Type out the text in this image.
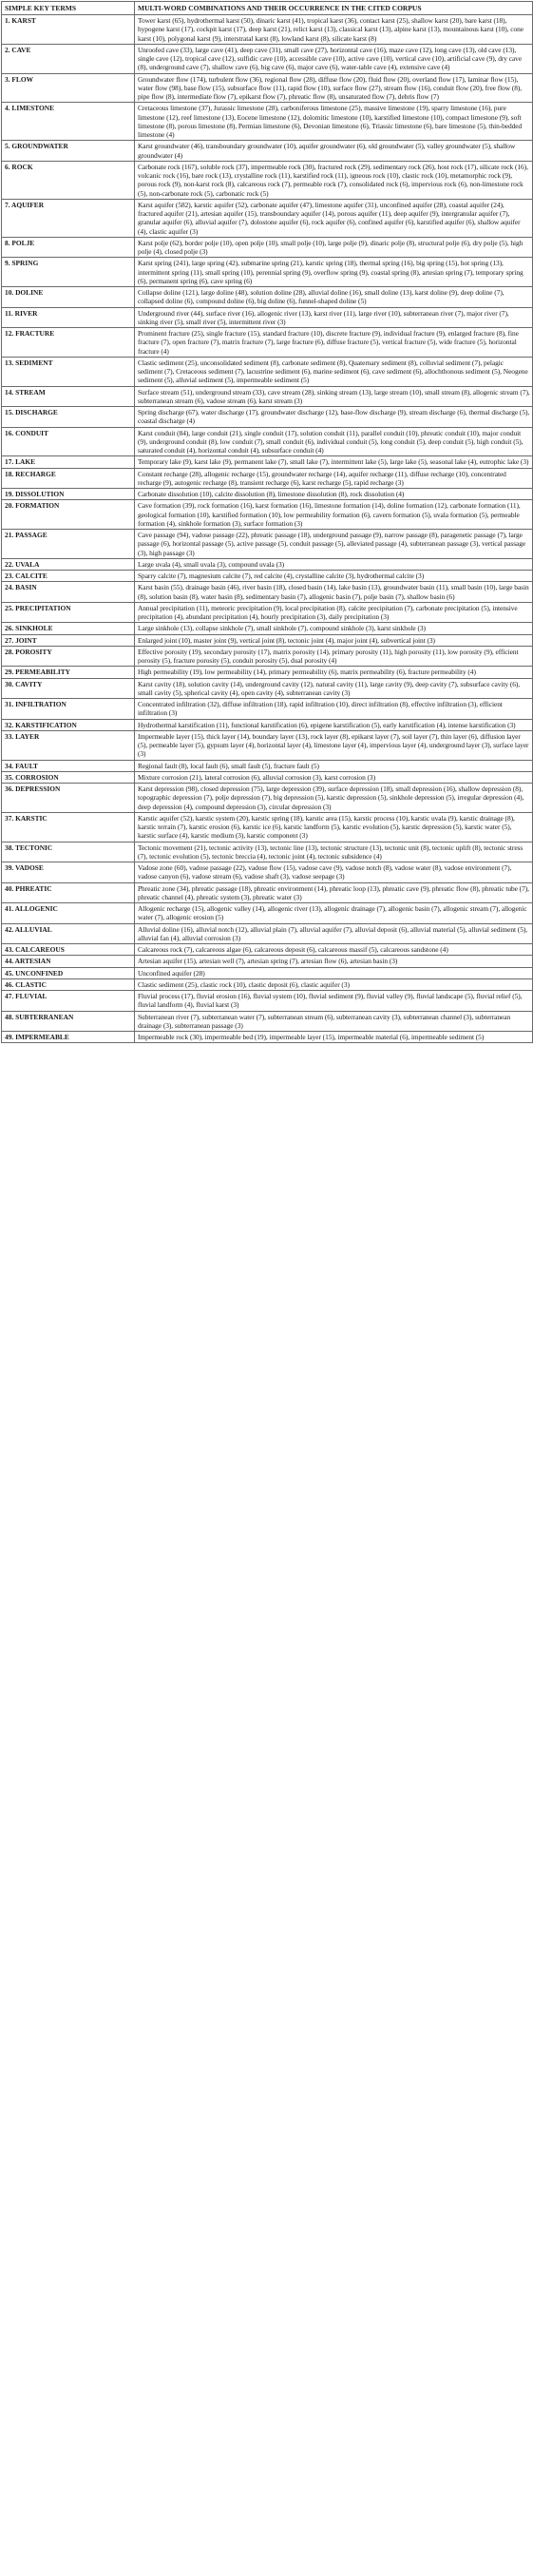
SIMPLE KEY TERMS	MULTI-WORD COMBINATIONS AND THEIR OCCURRENCE IN THE CITED CORPUS
1. KARST	Tower karst (65), hydrothermal karst (50), dinaric karst (41), tropical karst (36), contact karst (25), shallow karst (20), bare karst (18), hypogene karst (17), cockpit karst (17), deep karst (21), relict karst (13), classical karst (13), alpine karst (13), mountainous karst (10), cone karst (10), polygonal karst (9), interstratal karst (8), lowland karst (8), silicate karst (8)
2. CAVE	Unroofed cave (33), large cave (41), deep cave (31), small cave (27), horizontal cave (16), maze cave (12), long cave (13), old cave (13), single cave (12), tropical cave (12), sulfidic cave (10), accessible cave (10), active cave (10), vertical cave (10), artificial cave (9), dry cave (8), underground cave (7), shallow cave (6), big cave (6), major cave (6), water-table cave (4), extensive cave (4)
3. FLOW	Groundwater flow (174), turbulent flow (36), regional flow (28), diffuse flow (20), fluid flow (20), overland flow (17), laminar flow (15), water flow (98), base flow (15), subsurface flow (11), rapid flow (10), surface flow (27), stream flow (16), conduit flow (20), free flow (8), pipe flow (8), intermediate flow (7), epikarst flow (7), phreatic flow (8), unsaturated flow (7), debris flow (7)
4. LIMESTONE	Cretaceous limestone (37), Jurassic limestone (28), carboniferous limestone (25), massive limestone (19), sparry limestone (16), pure limestone (12), reef limestone (13), Eocene limestone (12), dolomitic limestone (10), karstified limestone (10), compact limestone (9), soft limestone (8), porous limestone (8), Permian limestone (6), Devonian limestone (6), Triassic limestone (6), bare limestone (5), thin-bedded limestone (4)
5. GROUNDWATER	Karst groundwater (46), transboundary groundwater (10), aquifer groundwater (6), old groundwater (5), valley groundwater (5), shallow groundwater (4)
6. ROCK	Carbonate rock (167), soluble rock (37), impermeable rock (30), fractured rock (29), sedimentary rock (26), host rock (17), silicate rock (16), volcanic rock (16), bare rock (13), crystalline rock (11), karstified rock (11), igneous rock (10), clastic rock (10), metamorphic rock (9), porous rock (9), non-karst rock (8), calcareous rock (7), permeable rock (7), consolidated rock (6), impervious rock (6), non-limestone rock (5), non-carbonate rock (5), carbonatic rock (5)
7. AQUIFER	Karst aquifer (582), karstic aquifer (52), carbonate aquifer (47), limestone aquifer (31), unconfined aquifer (28), coastal aquifer (24), fractured aquifer (21), artesian aquifer (15), transboundary aquifer (14), porous aquifer (11), deep aquifer (9), intergranular aquifer (7), granular aquifer (6), alluvial aquifer (7), dolostone aquifer (6), rock aquifer (6), confined aquifer (6), karstified aquifer (6), shallow aquifer (4), clastic aquifer (3)
8. POLJE	Karst polje (62), border polje (10), open polje (10), small polje (10), large polje (9), dinaric polje (8), structural polje (6), dry polje (5), high polje (4), closed polje (3)
9. SPRING	Karst spring (241), large spring (42), submarine spring (21), karstic spring (18), thermal spring (16), big spring (15), hot spring (13), intermittent spring (11), small spring (10), perennial spring (9), overflow spring (9), coastal spring (8), artesian spring (7), temporary spring (6), permanent spring (6), cave spring (6)
10. DOLINE	Collapse doline (121), large doline (48), solution doline (28), alluvial doline (16), small doline (13), karst doline (9), deep doline (7), collapsed doline (6), compound doline (6), big doline (6), funnel-shaped doline (5)
11. RIVER	Underground river (44), surface river (16), allogenic river (13), karst river (11), large river (10), subterranean river (7), major river (7), sinking river (5), small river (5), intermittent river (3)
12. FRACTURE	Prominent fracture (25), single fracture (15), standard fracture (10), discrete fracture (9), individual fracture (9), enlarged fracture (8), fine fracture (7), open fracture (7), matrix fracture (7), large fracture (6), diffuse fracture (5), vertical fracture (5), wide fracture (5), horizontal fracture (4)
13. SEDIMENT	Clastic sediment (25), unconsolidated sediment (8), carbonate sediment (8), Quaternary sediment (8), colluvial sediment (7), pelagic sediment (7), Cretaceous sediment (7), lacustrine sediment (6), marine sediment (6), cave sediment (6), allochthonous sediment (5), Neogene sediment (5), alluvial sediment (5), impermeable sediment (5)
14. STREAM	Surface stream (51), underground stream (33), cave stream (28), sinking stream (13), large stream (10), small stream (8), allogenic stream (7), subterranean stream (6), vadose stream (6), karst stream (3)
15. DISCHARGE	Spring discharge (67), water discharge (17), groundwater discharge (12), base-flow discharge (9), stream discharge (6), thermal discharge (5), coastal discharge (4)
16. CONDUIT	Karst conduit (84), large conduit (21), single conduit (17), solution conduit (11), parallel conduit (10), phreatic conduit (10), major conduit (9), underground conduit (8), low conduit (7), small conduit (6), individual conduit (5), long conduit (5), deep conduit (5), high conduit (5), saturated conduit (4), horizontal conduit (4), subsurface conduit (4)
17. LAKE	Temporary lake (9), karst lake (9), permanent lake (7), small lake (7), intermittent lake (5), large lake (5), seasonal lake (4), eutrophic lake (3)
18. RECHARGE	Constant recharge (28), allogenic recharge (15), groundwater recharge (14), aquifer recharge (11), diffuse recharge (10), concentrated recharge (9), autogenic recharge (8), transient recharge (6), karst recharge (5), rapid recharge (3)
19. DISSOLUTION	Carbonate dissolution (10), calcite dissolution (8), limestone dissolution (8), rock dissolution (4)
20. FORMATION	Cave formation (39), rock formation (16), karst formation (16), limestone formation (14), doline formation (12), carbonate formation (11), geological formation (10), karstified formation (10), low permeability formation (6), cavern formation (5), uvala formation (5), permeable formation (4), sinkhole formation (3), surface formation (3)
21. PASSAGE	Cave passage (94), vadose passage (22), phreatic passage (18), underground passage (9), narrow passage (8), paragenetic passage (7), large passage (6), horizontal passage (5), active passage (5), conduit passage (5), alleviated passage (4), subterranean passage (3), vertical passage (3), high passage (3)
22. UVALA	Large uvala (4), small uvala (3), compound uvala (3)
23. CALCITE	Sparry calcite (7), magnesium calcite (7), red calcite (4), crystalline calcite (3), hydrothermal calcite (3)
24. BASIN	Karst basin (55), drainage basin (46), river basin (18), closed basin (14), lake basin (13), groundwater basin (11), small basin (10), large basin (8), solution basin (8), water basin (8), sedimentary basin (7), allogenic basin (7), polje basin (7), shallow basin (6)
25. PRECIPITATION	Annual precipitation (11), meteoric precipitation (9), local precipitation (8), calcite precipitation (7), carbonate precipitation (5), intensive precipitation (4), abundant precipitation (4), hourly precipitation (3), daily precipitation (3)
26. SINKHOLE	Large sinkhole (13), collapse sinkhole (7), small sinkhole (7), compound sinkhole (3), karst sinkhole (3)
27. JOINT	Enlarged joint (10), master joint (9), vertical joint (8), tectonic joint (4), major joint (4), subvertical joint (3)
28. POROSITY	Effective porosity (19), secondary porosity (17), matrix porosity (14), primary porosity (11), high porosity (11), low porosity (9), efficient porosity (5), fracture porosity (5), conduit porosity (5), dual porosity (4)
29. PERMEABILITY	High permeability (19), low permeability (14), primary permeability (6), matrix permeability (6), fracture permeability (4)
30. CAVITY	Karst cavity (18), solution cavity (14), underground cavity (12), natural cavity (11), large cavity (9), deep cavity (7), subsurface cavity (6), small cavity (5), spherical cavity (4), open cavity (4), subterranean cavity (3)
31. INFILTRATION	Concentrated infiltration (32), diffuse infiltration (18), rapid infiltration (10), direct infiltration (8), effective infiltration (3), efficient infiltration (3)
32. KARSTIFICATION	Hydrothermal karstification (11), functional karstification (6), epigene karstification (5), early karstification (4), intense karstification (3)
33. LAYER	Impermeable layer (15), thick layer (14), boundary layer (13), rock layer (8), epikarst layer (7), soil layer (7), thin layer (6), diffusion layer (5), permeable layer (5), gypsum layer (4), horizontal layer (4), limestone layer (4), impervious layer (4), underground layer (3), surface layer (3)
34. FAULT	Regional fault (8), local fault (6), small fault (5), fracture fault (5)
35. CORROSION	Mixture corrosion (21), lateral corrosion (6), alluvial corrosion (3), karst corrosion (3)
36. DEPRESSION	Karst depression (98), closed depression (75), large depression (39), surface depression (18), small depression (16), shallow depression (8), topographic depression (7), polje depression (7), big depression (5), karstic depression (5), sinkhole depression (5), irregular depression (4), deep depression (4), compound depression (3), circular depression (3)
37. KARSTIC	Karstic aquifer (52), karstic system (20), karstic spring (18), karstic area (15), karstic process (10), karstic uvala (9), karstic drainage (8), karstic terrain (7), karstic erosion (6), karstic ice (6), karstic landform (5), karstic evolution (5), karstic depression (5), karstic water (5), karstic surface (4), karstic medium (3), karstic component (3)
38. TECTONIC	Tectonic movement (21), tectonic activity (13), tectonic line (13), tectonic structure (13), tectonic unit (8), tectonic uplift (8), tectonic stress (7), tectonic evolution (5), tectonic breccia (4), tectonic joint (4), tectonic subsidence (4)
39. VADOSE	Vadose zone (60), vadose passage (22), vadose flow (15), vadose cave (9), vadose notch (8), vadose water (8), vadose environment (7), vadose canyon (6), vadose stream (6), vadose shaft (3), vadose seepage (3)
40. PHREATIC	Phreatic zone (34), phreatic passage (18), phreatic environment (14), phreatic loop (13), phreatic cave (9), phreatic flow (8), phreatic tube (7), phreatic channel (4), phreatic system (3), phreatic water (3)
41. ALLOGENIC	Allogenic recharge (15), allogenic valley (14), allogenic river (13), allogenic drainage (7), allogenic basin (7), allogenic stream (7), allogenic water (7), allogenic erosion (5)
42. ALLUVIAL	Alluvial doline (16), alluvial notch (12), alluvial plain (7), alluvial aquifer (7), alluvial deposit (6), alluvial material (5), alluvial sediment (5), alluvial fan (4), alluvial corrosion (3)
43. CALCAREOUS	Calcareous rock (7), calcareous algae (6), calcareous deposit (6), calcareous massif (5), calcareous sandstone (4)
44. ARTESIAN	Artesian aquifer (15), artesian well (7), artesian spring (7), artesian flow (6), artesian basin (3)
45. UNCONFINED	Unconfined aquifer (28)
46. CLASTIC	Clastic sediment (25), clastic rock (10), clastic deposit (6), clastic aquifer (3)
47. FLUVIAL	Fluvial process (17), fluvial erosion (16), fluvial system (10), fluvial sediment (9), fluvial valley (9), fluvial landscape (5), fluvial relief (5), fluvial landform (4), fluvial karst (3)
48. SUBTERRANEAN	Subterranean river (7), subterranean water (7), subterranean stream (6), subterranean cavity (3), subterranean channel (3), subterranean drainage (3), subterranean passage (3)
49. IMPERMEABLE	Impermeable rock (30), impermeable bed (19), impermeable layer (15), impermeable material (6), impermeable sediment (5)
